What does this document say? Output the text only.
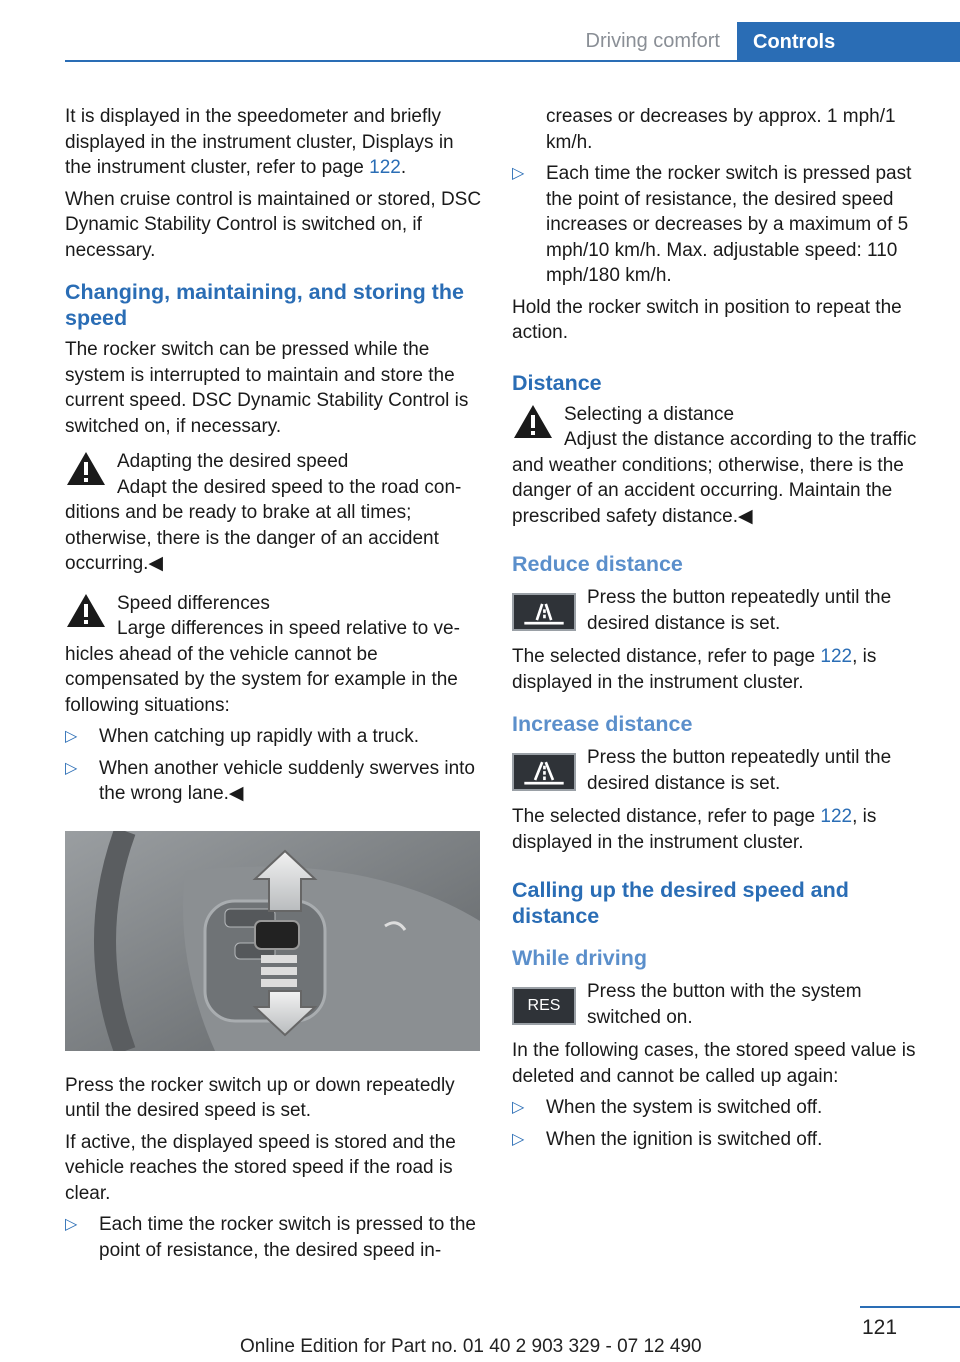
Driving comfort	Controls

It is displayed in the speedometer and briefly displayed in the instrument cluster, Displays in the instrument cluster, refer to page 122.

When cruise control is maintained or stored, DSC Dynamic Stability Control is switched on, if necessary.

Changing, maintaining, and storing the speed

The rocker switch can be pressed while the system is interrupted to maintain and store the current speed. DSC Dynamic Stability Control is switched on, if necessary.

Adapting the desired speed
Adapt the desired speed to the road con-
ditions and be ready to brake at all times; otherwise, there is the danger of an accident occurring.◀
Speed differences
Large differences in speed relative to ve-
hicles ahead of the vehicle cannot be compensated by the system for example in the following situations:
▷ When catching up rapidly with a truck.
▷ When another vehicle suddenly swerves into the wrong lane.◀

Press the rocker switch up or down repeatedly until the desired speed is set.

If active, the displayed speed is stored and the vehicle reaches the stored speed if the road is clear.

▷ Each time the rocker switch is pressed to the point of resistance, the desired speed in-

creases or decreases by approx. 1 mph/1 km/h.

▷ Each time the rocker switch is pressed past the point of resistance, the desired speed increases or decreases by a maximum of 5 mph/10 km/h. Max. adjustable speed: 110 mph/180 km/h.

Hold the rocker switch in position to repeat the action.

Distance
Selecting a distance
Adjust the distance according to the traffic
and weather conditions; otherwise, there is the danger of an accident occurring. Maintain the prescribed safety distance.◀
Reduce distance
Press the button repeatedly until the desired distance is set.

The selected distance, refer to page 122, is displayed in the instrument cluster.

Increase distance
Press the button repeatedly until the desired distance is set.

The selected distance, refer to page 122, is displayed in the instrument cluster.

Calling up the desired speed and distance
While driving
RES
Press the button with the system switched on.

In the following cases, the stored speed value is deleted and cannot be called up again:

▷ When the system is switched off.
▷ When the ignition is switched off.
121
Online Edition for Part no. 01 40 2 903 329 - 07 12 490
